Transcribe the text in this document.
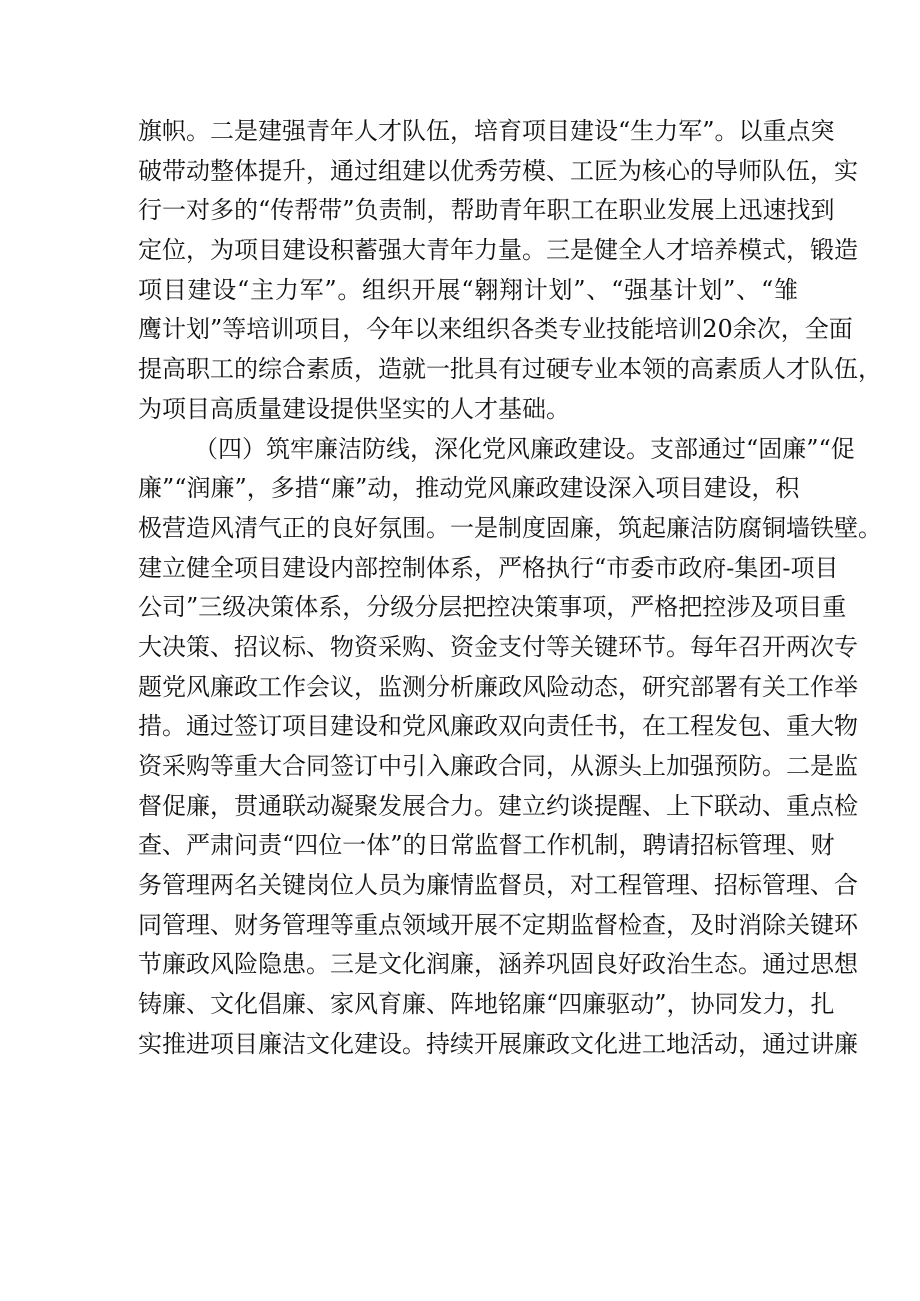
旗帜。二是建强青年人才队伍，培育项目建设“生力军”。以重点突
破带动整体提升，通过组建以优秀劳模、工匠为核心的导师队伍，实
行一对多的“传帮带”负责制，帮助青年职工在职业发展上迅速找到
定位，为项目建设积蓄强大青年力量。三是健全人才培养模式，锻造
项目建设“主力军”。组织开展“翱翔计划”、“强基计划”、“雏
鹰计划”等培训项目，今年以来组织各类专业技能培训20余次，全面
提高职工的综合素质，造就一批具有过硬专业本领的高素质人才队伍，
为项目高质量建设提供坚实的人才基础。
（四）筑牢廉洁防线，深化党风廉政建设。支部通过“固廉”“促
廉”“润廉”，多措“廉”动，推动党风廉政建设深入项目建设，积
极营造风清气正的良好氛围。一是制度固廉，筑起廉洁防腐铜墙铁壁。
建立健全项目建设内部控制体系，严格执行“市委市政府-集团-项目
公司”三级决策体系，分级分层把控决策事项，严格把控涉及项目重
大决策、招议标、物资采购、资金支付等关键环节。每年召开两次专
题党风廉政工作会议，监测分析廉政风险动态，研究部署有关工作举
措。通过签订项目建设和党风廉政双向责任书，在工程发包、重大物
资采购等重大合同签订中引入廉政合同，从源头上加强预防。二是监
督促廉，贯通联动凝聚发展合力。建立约谈提醒、上下联动、重点检
查、严肃问责“四位一体”的日常监督工作机制，聘请招标管理、财
务管理两名关键岗位人员为廉情监督员，对工程管理、招标管理、合
同管理、财务管理等重点领域开展不定期监督检查，及时消除关键环
节廉政风险隐患。三是文化润廉，涵养巩固良好政治生态。通过思想
铸廉、文化倡廉、家风育廉、阵地铭廉“四廉驱动”，协同发力，扎
实推进项目廉洁文化建设。持续开展廉政文化进工地活动，通过讲廉
